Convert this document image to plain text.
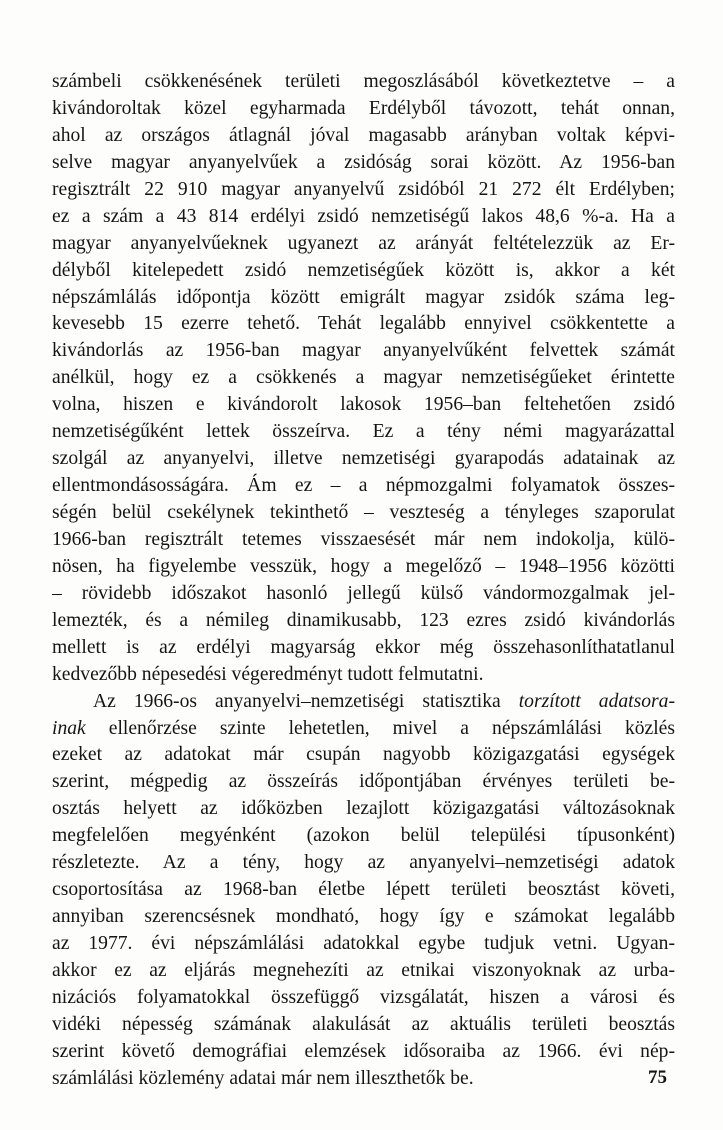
számbeli csökkenésének területi megoszlásából következtetve – a
kivándoroltak közel egyharmada Erdélyből távozott, tehát onnan,
ahol az országos átlagnál jóval magasabb arányban voltak képvi-
selve magyar anyanyelvűek a zsidóság sorai között. Az 1956-ban
regisztrált 22 910 magyar anyanyelvű zsidóból 21 272 élt Erdélyben;
ez a szám a 43 814 erdélyi zsidó nemzetiségű lakos 48,6 %-a. Ha a
magyar anyanyelvűeknek ugyanezt az arányát feltételezzük az Er-
délyből kitelepedett zsidó nemzetiségűek között is, akkor a két
népszámlálás időpontja között emigrált magyar zsidók száma leg-
kevesebb 15 ezerre tehető. Tehát legalább ennyivel csökkentette a
kivándorlás az 1956-ban magyar anyanyelvűként felvettek számát
anélkül, hogy ez a csökkenés a magyar nemzetiségűeket érintette
volna, hiszen e kivándorolt lakosok 1956–ban feltehetően zsidó
nemzetiségűként lettek összeírva. Ez a tény némi magyarázattal
szolgál az anyanyelvi, illetve nemzetiségi gyarapodás adatainak az
ellentmondásosságára. Ám ez – a népmozgalmi folyamatok összes-
ségén belül csekélynek tekinthető – veszteség a tényleges szaporulat
1966-ban regisztrált tetemes visszaesését már nem indokolja, külö-
nösen, ha figyelembe vesszük, hogy a megelőző – 1948–1956 közötti
– rövidebb időszakot hasonló jellegű külső vándormozgalmak jel-
lemezték, és a némileg dinamikusabb, 123 ezres zsidó kivándorlás
mellett is az erdélyi magyarság ekkor még összehasonlíthatatlanul
kedvezőbb népesedési végeredményt tudott felmutatni.
Az 1966-os anyanyelvi–nemzetiségi statisztika torzított adatsora-
inak ellenőrzése szinte lehetetlen, mivel a népszámlálási közlés
ezeket az adatokat már csupán nagyobb közigazgatási egységek
szerint, mégpedig az összeírás időpontjában érvényes területi be-
osztás helyett az időközben lezajlott közigazgatási változásoknak
megfelelően megyénként (azokon belül települési típusonként)
részletezte. Az a tény, hogy az anyanyelvi–nemzetiségi adatok
csoportosítása az 1968-ban életbe lépett területi beosztást követi,
annyiban szerencsésnek mondható, hogy így e számokat legalább
az 1977. évi népszámlálási adatokkal egybe tudjuk vetni. Ugyan-
akkor ez az eljárás megnehezíti az etnikai viszonyoknak az urba-
nizációs folyamatokkal összefüggő vizsgálatát, hiszen a városi és
vidéki népesség számának alakulását az aktuális területi beosztás
szerint követő demográfiai elemzések idősoraiba az 1966. évi nép-
számlálási közlemény adatai már nem illeszthetők be.	75
